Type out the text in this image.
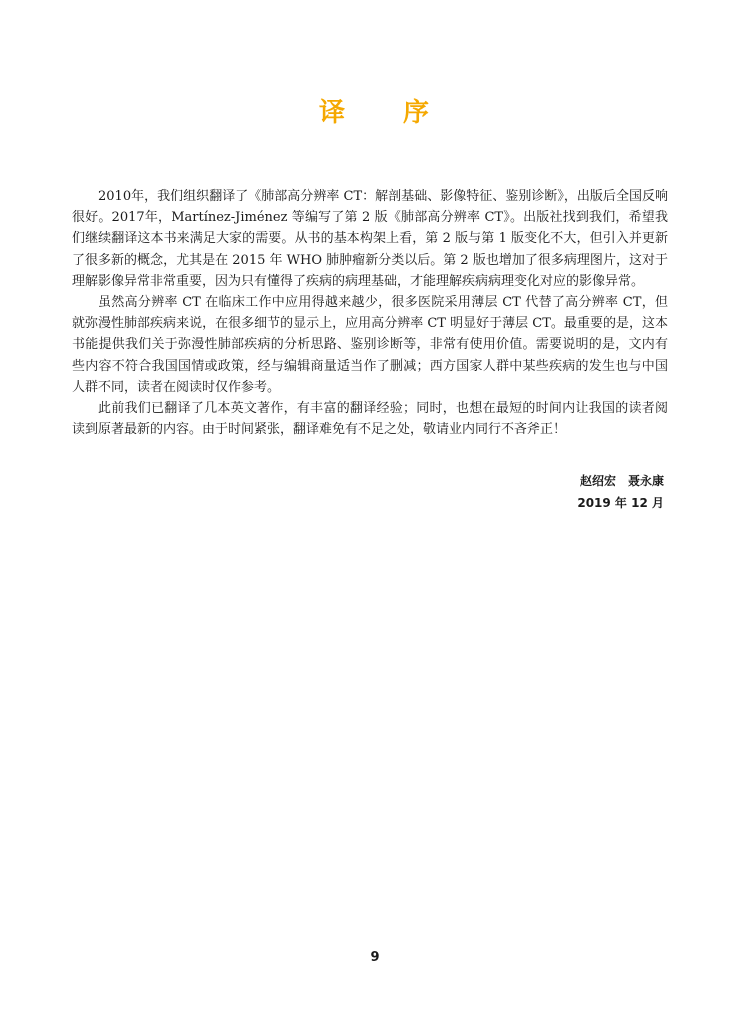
译 序

2010年，我们组织翻译了《肺部高分辨率 CT：解剖基础、影像特征、鉴别诊断》，出版后全国反响很好。2017年，Martínez-Jiménez 等编写了第 2 版《肺部高分辨率 CT》。出版社找到我们，希望我们继续翻译这本书来满足大家的需要。从书的基本构架上看，第 2 版与第 1 版变化不大，但引入并更新了很多新的概念，尤其是在 2015 年 WHO 肺肿瘤新分类以后。第 2 版也增加了很多病理图片，这对于理解影像异常非常重要，因为只有懂得了疾病的病理基础，才能理解疾病病理变化对应的影像异常。

虽然高分辨率 CT 在临床工作中应用得越来越少，很多医院采用薄层 CT 代替了高分辨率 CT，但就弥漫性肺部疾病来说，在很多细节的显示上，应用高分辨率 CT 明显好于薄层 CT。最重要的是，这本书能提供我们关于弥漫性肺部疾病的分析思路、鉴别诊断等，非常有使用价值。需要说明的是，文内有些内容不符合我国国情或政策，经与编辑商量适当作了删减；西方国家人群中某些疾病的发生也与中国人群不同，读者在阅读时仅作参考。

此前我们已翻译了几本英文著作，有丰富的翻译经验；同时，也想在最短的时间内让我国的读者阅读到原著最新的内容。由于时间紧张，翻译难免有不足之处，敬请业内同行不吝斧正！

赵绍宏　聂永康
2019 年 12 月
9
